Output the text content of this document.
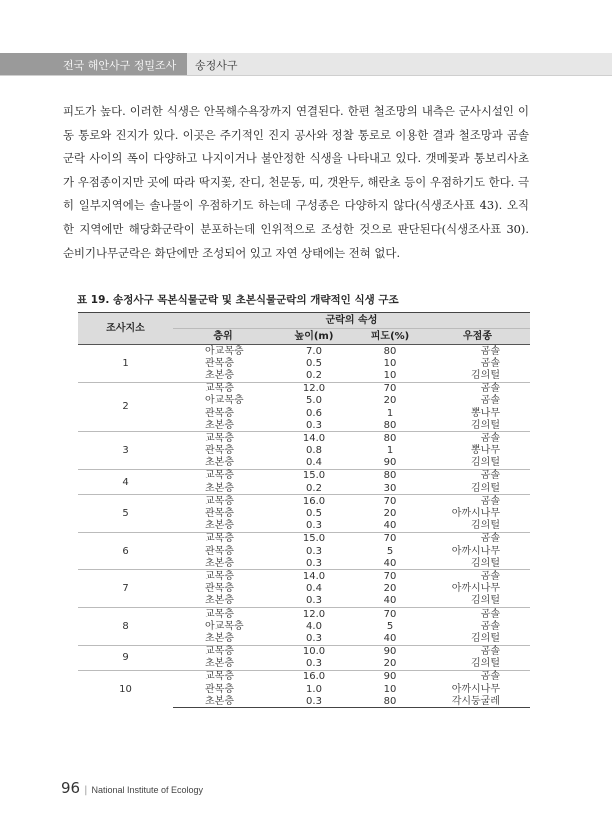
전국 해안사구 정밀조사 송정사구

피도가 높다. 이러한 식생은 안목해수욕장까지 연결된다. 한편 철조망의 내측은 군사시설인 이동 통로와 진지가 있다. 이곳은 주기적인 진지 공사와 정찰 통로로 이용한 결과 철조망과 곰솔군락 사이의 폭이 다양하고 나지이거나 불안정한 식생을 나타내고 있다. 갯메꽃과 통보리사초가 우점종이지만 곳에 따라 딱지꽃, 잔디, 천문동, 띠, 갯완두, 해란초 등이 우점하기도 한다. 극히 일부지역에는 솔나물이 우점하기도 하는데 구성종은 다양하지 않다(식생조사표 43). 오직 한 지역에만 해당화군락이 분포하는데 인위적으로 조성한 것으로 판단된다(식생조사표 30). 순비기나무군락은 화단에만 조성되어 있고 자연 상태에는 전혀 없다.

표 19. 송정사구 목본식물군락 및 초본식물군락의 개략적인 식생 구조
조사지소	군락의 속성			
	층위	높이(m)	피도(%)	우점종
1	아교목층	7.0	80	곰솔
	관목층	0.5	10	곰솔
	초본층	0.2	10	김의털
2	교목층	12.0	70	곰솔
	아교목층	5.0	20	곰솔
	관목층	0.6	1	뽕나무
	초본층	0.3	80	김의털
3	교목층	14.0	80	곰솔
	관목층	0.8	1	뽕나무
	초본층	0.4	90	김의털
4	교목층	15.0	80	곰솔
	초본층	0.2	30	김의털
5	교목층	16.0	70	곰솔
	관목층	0.5	20	아까시나무
	초본층	0.3	40	김의털
6	교목층	15.0	70	곰솔
	관목층	0.3	5	아까시나무
	초본층	0.3	40	김의털
7	교목층	14.0	70	곰솔
	관목층	0.4	20	아까시나무
	초본층	0.3	40	김의털
8	교목층	12.0	70	곰솔
	아교목층	4.0	5	곰솔
	초본층	0.3	40	김의털
9	교목층	10.0	90	곰솔
	초본층	0.3	20	김의털
10	교목층	16.0	90	곰솔
	관목층	1.0	10	아까시나무
	초본층	0.3	80	각시둥굴레
96 | National Institute of Ecology
